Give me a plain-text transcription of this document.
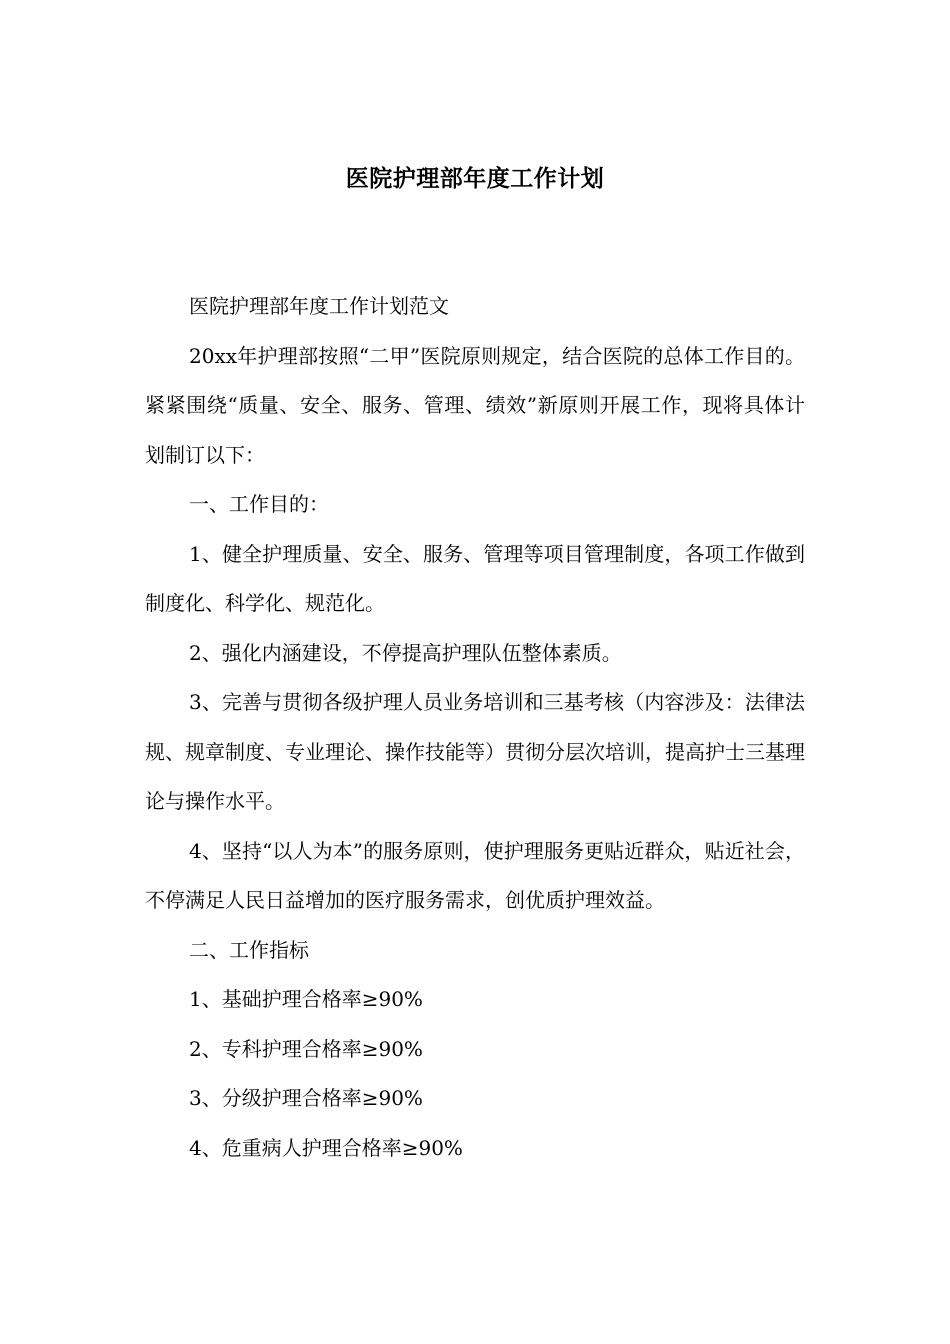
医院护理部年度工作计划

医院护理部年度工作计划范文

20xx年护理部按照“二甲”医院原则规定，结合医院的总体工作目的。紧紧围绕“质量、安全、服务、管理、绩效”新原则开展工作，现将具体计划制订以下：

一、工作目的：

1、健全护理质量、安全、服务、管理等项目管理制度，各项工作做到制度化、科学化、规范化。

2、强化内涵建设，不停提高护理队伍整体素质。

3、完善与贯彻各级护理人员业务培训和三基考核（内容涉及：法律法规、规章制度、专业理论、操作技能等）贯彻分层次培训，提高护士三基理论与操作水平。

4、坚持“以人为本”的服务原则，使护理服务更贴近群众，贴近社会，不停满足人民日益增加的医疗服务需求，创优质护理效益。

二、工作指标

1、基础护理合格率≥90%

2、专科护理合格率≥90%

3、分级护理合格率≥90%

4、危重病人护理合格率≥90%
